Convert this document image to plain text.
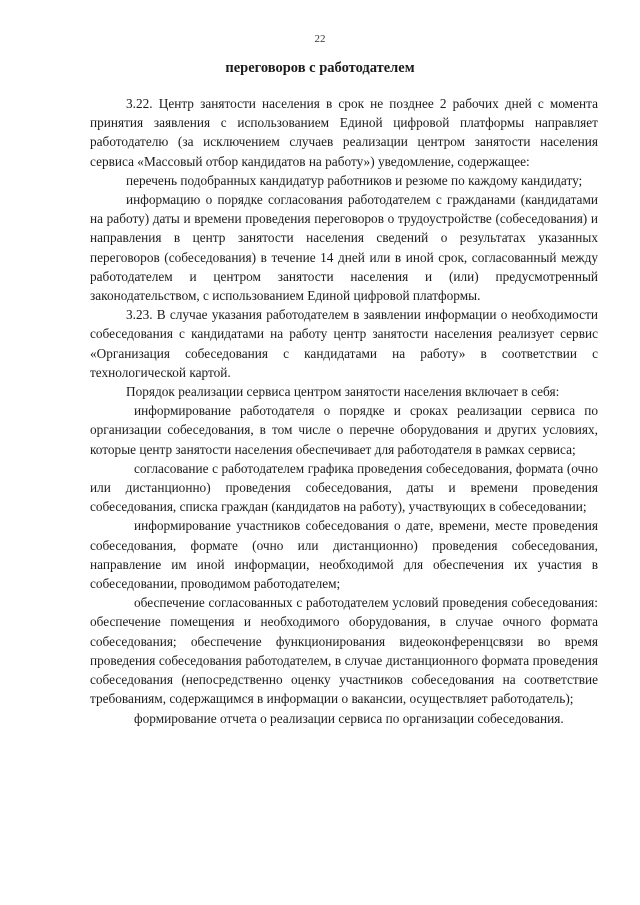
22
переговоров с работодателем

3.22. Центр занятости населения в срок не позднее 2 рабочих дней с момента принятия заявления с использованием Единой цифровой платформы направляет работодателю (за исключением случаев реализации центром занятости населения сервиса «Массовый отбор кандидатов на работу») уведомление, содержащее:

перечень подобранных кандидатур работников и резюме по каждому кандидату;

информацию о порядке согласования работодателем с гражданами (кандидатами на работу) даты и времени проведения переговоров о трудоустройстве (собеседования) и направления в центр занятости населения сведений о результатах указанных переговоров (собеседования) в течение 14 дней или в иной срок, согласованный между работодателем и центром занятости населения и (или) предусмотренный законодательством, с использованием Единой цифровой платформы.

3.23. В случае указания работодателем в заявлении информации о необходимости собеседования с кандидатами на работу центр занятости населения реализует сервис «Организация собеседования с кандидатами на работу» в соответствии с технологической картой.

Порядок реализации сервиса центром занятости населения включает в себя:

информирование работодателя о порядке и сроках реализации сервиса по организации собеседования, в том числе о перечне оборудования и других условиях, которые центр занятости населения обеспечивает для работодателя в рамках сервиса;

согласование с работодателем графика проведения собеседования, формата (очно или дистанционно) проведения собеседования, даты и времени проведения собеседования, списка граждан (кандидатов на работу), участвующих в собеседовании;

информирование участников собеседования о дате, времени, месте проведения собеседования, формате (очно или дистанционно) проведения собеседования, направление им иной информации, необходимой для обеспечения их участия в собеседовании, проводимом работодателем;

обеспечение согласованных с работодателем условий проведения собеседования: обеспечение помещения и необходимого оборудования, в случае очного формата собеседования; обеспечение функционирования видеоконференцсвязи во время проведения собеседования работодателем, в случае дистанционного формата проведения собеседования (непосредственно оценку участников собеседования на соответствие требованиям, содержащимся в информации о вакансии, осуществляет работодатель);

формирование отчета о реализации сервиса по организации собеседования.
